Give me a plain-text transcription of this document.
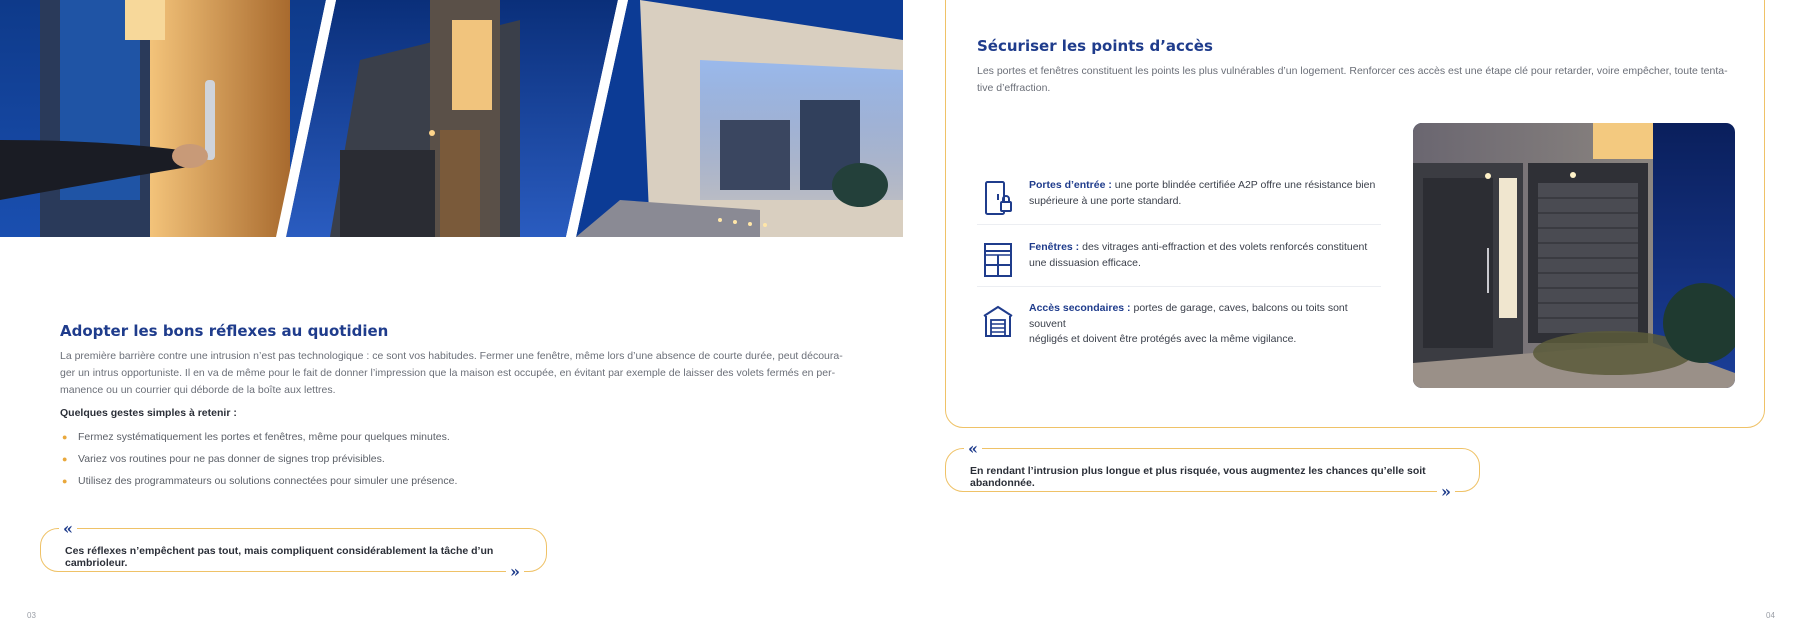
Adopter les bons réflexes au quotidien
La première barrière contre une intrusion n’est pas technologique : ce sont vos habitudes. Fermer une fenêtre, même lors d’une absence de courte durée, peut découra-
ger un intrus opportuniste. Il en va de même pour le fait de donner l’impression que la maison est occupée, en évitant par exemple de laisser des volets fermés en per-
manence ou un courrier qui déborde de la boîte aux lettres.
Quelques gestes simples à retenir :
● Fermez systématiquement les portes et fenêtres, même pour quelques minutes.
● Variez vos routines pour ne pas donner de signes trop prévisibles.
● Utilisez des programmateurs ou solutions connectées pour simuler une présence.
Ces réflexes n’empêchent pas tout, mais compliquent considérablement la tâche d’un cambrioleur.
«
»
03
Sécuriser les points d’accès
Les portes et fenêtres constituent les points les plus vulnérables d’un logement. Renforcer ces accès est une étape clé pour retarder, voire empêcher, toute tenta-
tive d’effraction.
Portes d’entrée : une porte blindée certifiée A2P offre une résistance bien
supérieure à une porte standard.
Fenêtres : des vitrages anti-effraction et des volets renforcés constituent
une dissuasion efficace.
Accès secondaires : portes de garage, caves, balcons ou toits sont souvent
négligés et doivent être protégés avec la même vigilance.
En rendant l’intrusion plus longue et plus risquée, vous augmentez les chances qu’elle soit abandonnée.
«
»
04
